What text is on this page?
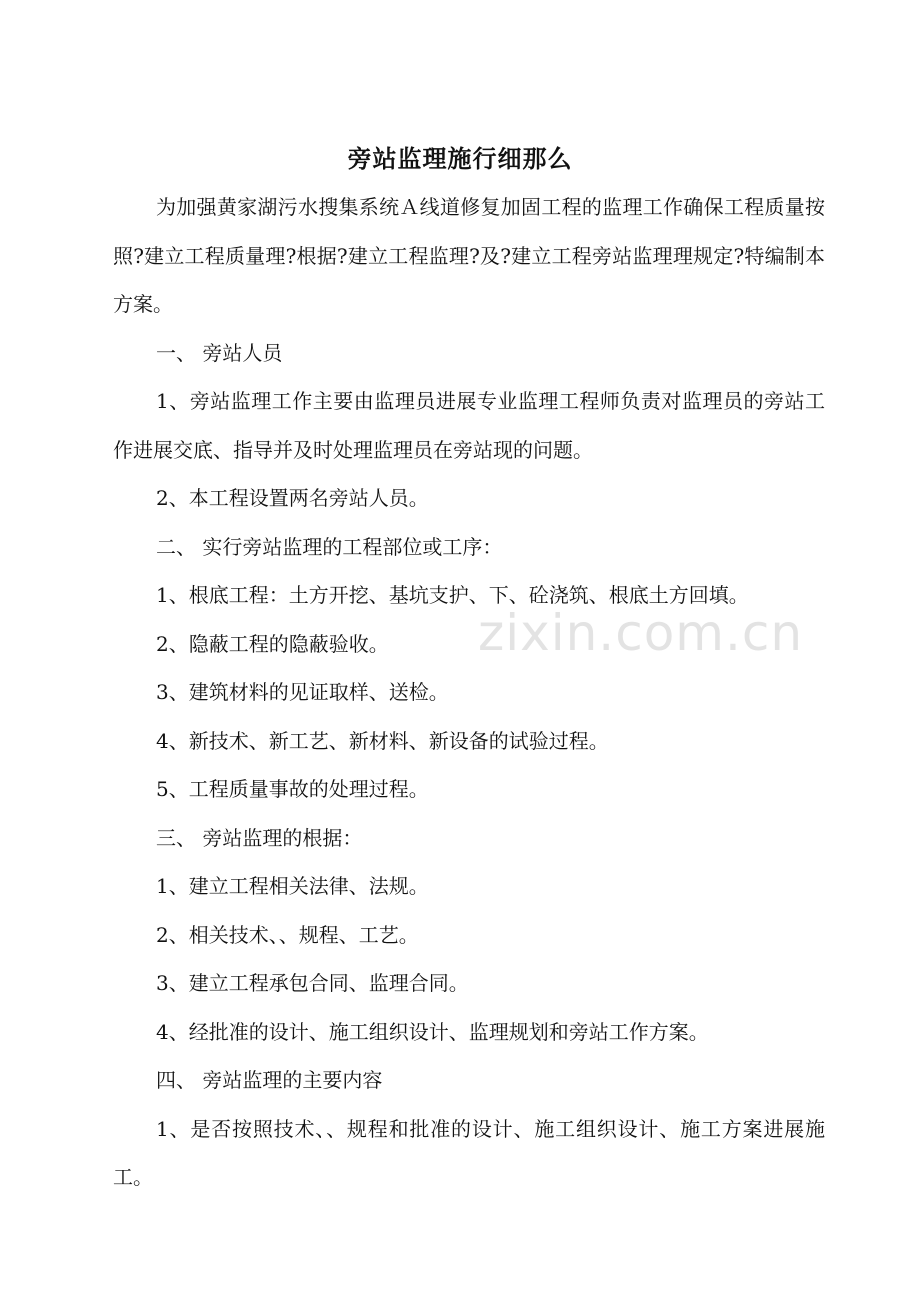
旁站监理施行细那么

为加强黄家湖污水搜集系统Ａ线道修复加固工程的监理工作确保工程质量按照?建立工程质量理?根据?建立工程监理?及?建立工程旁站监理理规定?特编制本方案。

一、 旁站人员

1、旁站监理工作主要由监理员进展专业监理工程师负责对监理员的旁站工作进展交底、指导并及时处理监理员在旁站现的问题。

2、本工程设置两名旁站人员。

二、 实行旁站监理的工程部位或工序：

1、根底工程：土方开挖、基坑支护、下、砼浇筑、根底土方回填。

2、隐蔽工程的隐蔽验收。

3、建筑材料的见证取样、送检。

4、新技术、新工艺、新材料、新设备的试验过程。

5、工程质量事故的处理过程。

三、 旁站监理的根据：

1、建立工程相关法律、法规。

2、相关技术、、规程、工艺。

3、建立工程承包合同、监理合同。

4、经批准的设计、施工组织设计、监理规划和旁站工作方案。

四、 旁站监理的主要内容

1、是否按照技术、、规程和批准的设计、施工组织设计、施工方案进展施工。

zixin.com.cn
